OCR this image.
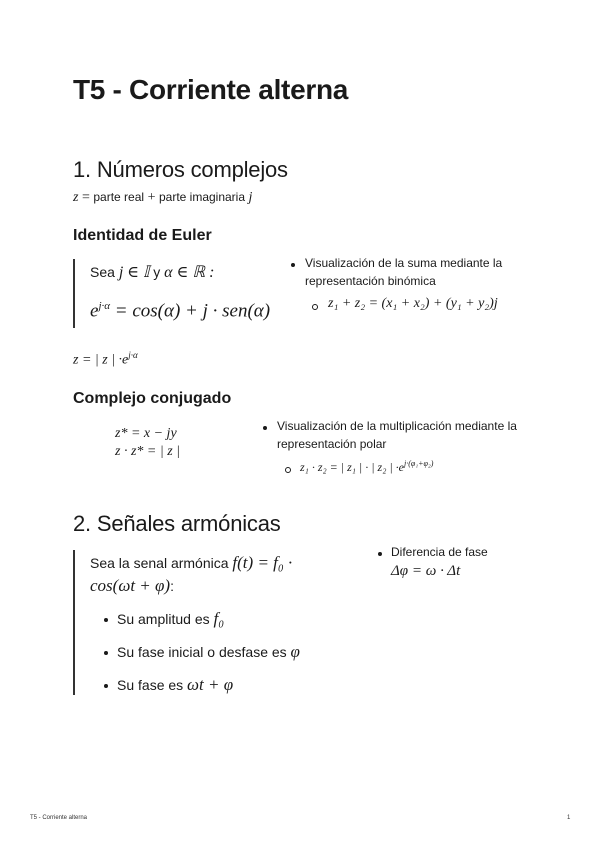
T5 - Corriente alterna
1. Números complejos
z = parte real + parte imaginaria j
Identidad de Euler
Sea j ∈ 𝕀 y α ∈ ℝ :
$e^{j\cdot\alpha} = \cos(\alpha) + j \cdot sen(\alpha)$
Visualización de la suma mediante la representación binómica
z₁ + z₂ = (x₁ + x₂) + (y₁ + y₂)j
z = | z | $\cdot e^{j\cdot\alpha}$
Complejo conjugado
z* = x − jy
z · z* = | z |
Visualización de la multiplicación mediante la representación polar
z₁ · z₂ = | z₁ | · | z₂ | $\cdot e^{j\cdot(\varphi_1+\varphi_2)}$
2. Señales armónicas
Sea la senal armónica f(t) = f₀ ·
cos(ωt + φ):
Su amplitud es f₀
Su fase inicial o desfase es φ
Su fase es ωt + φ
Diferencia de fase
Δφ = ω · Δt
T5 - Corriente alterna	1
